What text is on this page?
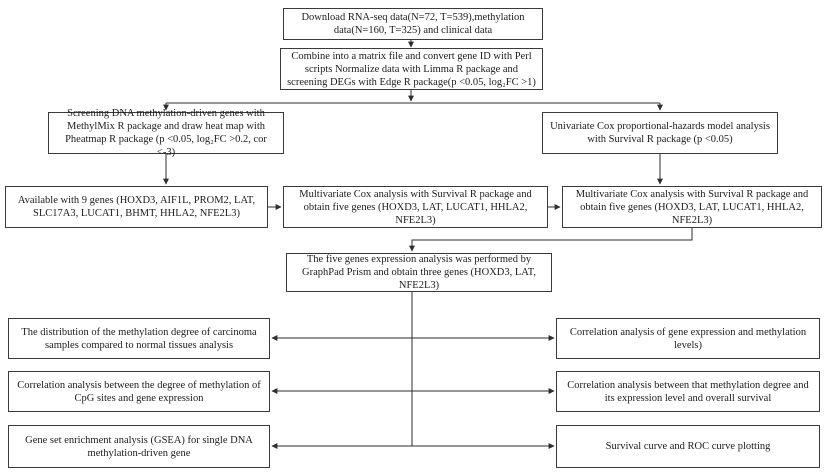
Download RNA-seq data(N=72, T=539),methylation data(N=160, T=325) and clinical data
Combine into a matrix file and convert gene ID with Perl scripts Normalize data with Limma R package and screening DEGs with Edge R package(p <0.05, log₂FC >1)
Screening DNA methylation-driven genes with MethylMix R package and draw heat map with Pheatmap R package (p <0.05, log₂FC >0.2, cor <-3)
Univariate Cox proportional-hazards model analysis with Survival R package (p <0.05)
Available with 9 genes (HOXD3, AIF1L, PROM2, LAT, SLC17A3, LUCAT1, BHMT, HHLA2, NFE2L3)
Multivariate Cox analysis with Survival R package and obtain five genes (HOXD3, LAT, LUCAT1, HHLA2, NFE2L3)
Multivariate Cox analysis with Survival R package and obtain five genes (HOXD3, LAT, LUCAT1, HHLA2, NFE2L3)
The five genes expression analysis was performed by GraphPad Prism and obtain three genes (HOXD3, LAT, NFE2L3)
The distribution of the methylation degree of carcinoma samples compared to normal tissues analysis
Correlation analysis between the degree of methylation of CpG sites and gene expression
Gene set enrichment analysis (GSEA) for single DNA methylation-driven gene
Correlation analysis of gene expression and methylation levels)
Correlation analysis between that methylation degree and its expression level and overall survival
Survival curve and ROC curve plotting
